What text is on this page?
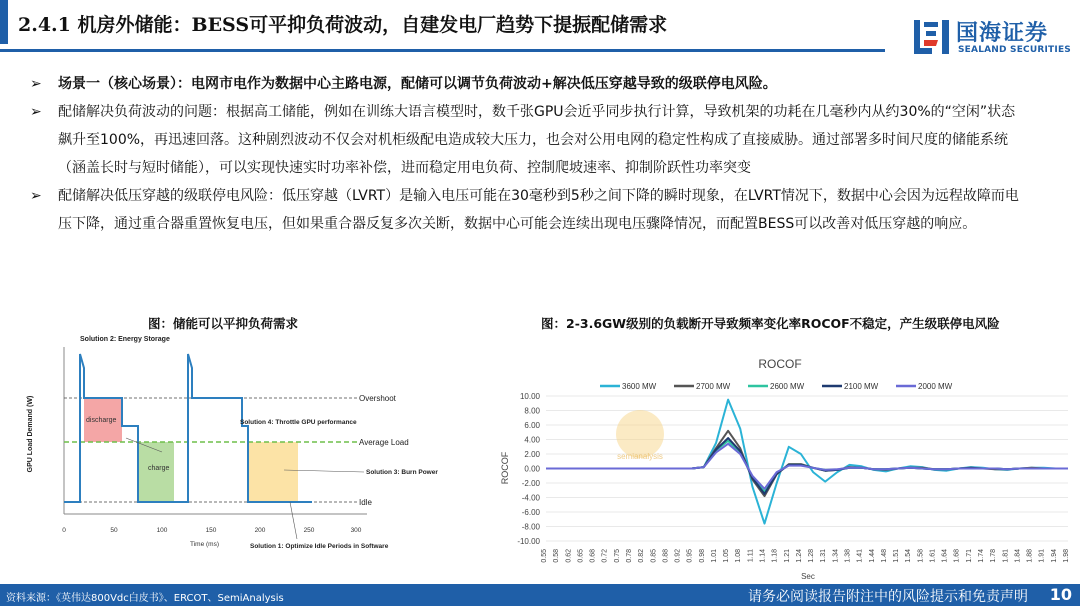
2.4.1 机房外储能：BESS可平抑负荷波动，自建发电厂趋势下提振配储需求	国海证券
SEALAND SECURITIES
➢ 场景一（核心场景）：电网市电作为数据中心主路电源，配储可以调节负荷波动+解决低压穿越导致的级联停电风险。
➢ 配储解决负荷波动的问题：根据高工储能，例如在训练大语言模型时，数千张GPU会近乎同步执行计算，导致机架的功耗在几毫秒内从约30%的“空闲”状态飙升至100%，再迅速回落。这种剧烈波动不仅会对机柜级配电造成较大压力，也会对公用电网的稳定性构成了直接威胁。通过部署多时间尺度的储能系统（涵盖长时与短时储能），可以实现快速实时功率补偿，进而稳定用电负荷、控制爬坡速率、抑制阶跃性功率突变
➢ 配储解决低压穿越的级联停电风险：低压穿越（LVRT）是输入电压可能在30毫秒到5秒之间下降的瞬时现象，在LVRT情况下，数据中心会因为远程故障而电压下降，通过重合器重置恢复电压，但如果重合器反复多次关断，数据中心可能会连续出现电压骤降情况，而配置BESS可以改善对低压穿越的响应。
图：储能可以平抑负荷需求	图：2-3.6GW级别的负载断开导致频率变化率ROCOF不稳定，产生级联停电风险
Solution 2: Energy Storage
GPU Load Demand (W)	discharge
charge
Overshoot
Average Load
Idle
Solution 4: Throttle GPU performance
Solution 3: Burn Power
0	50	100	150	200	250	300
Time (ms)	Solution 1: Optimize Idle Periods in Software
ROCOF
3600 MW	2700 MW	2600 MW	2100 MW	2000 MW
10.00
8.00
6.00
4.00
2.00
0.00
-2.00
-4.00
-6.00
-8.00
-10.00
0.55 0.58 0.62 0.65 0.68 0.72 0.75 0.78 0.82 0.85 0.88 0.92 0.95 0.98 1.01 1.05 1.08 1.11 1.14 1.18 1.21 1.24 1.28 1.31 1.34 1.38 1.41 1.44 1.48 1.51 1.54 1.58 1.61 1.64 1.68 1.71 1.74 1.78 1.81 1.84 1.88 1.91 1.94 1.98
semianalysis
ROCOF
Sec
资料来源：《英伟达800Vdc白皮书》、ERCOT、SemiAnalysis	请务必阅读报告附注中的风险提示和免责声明 10
